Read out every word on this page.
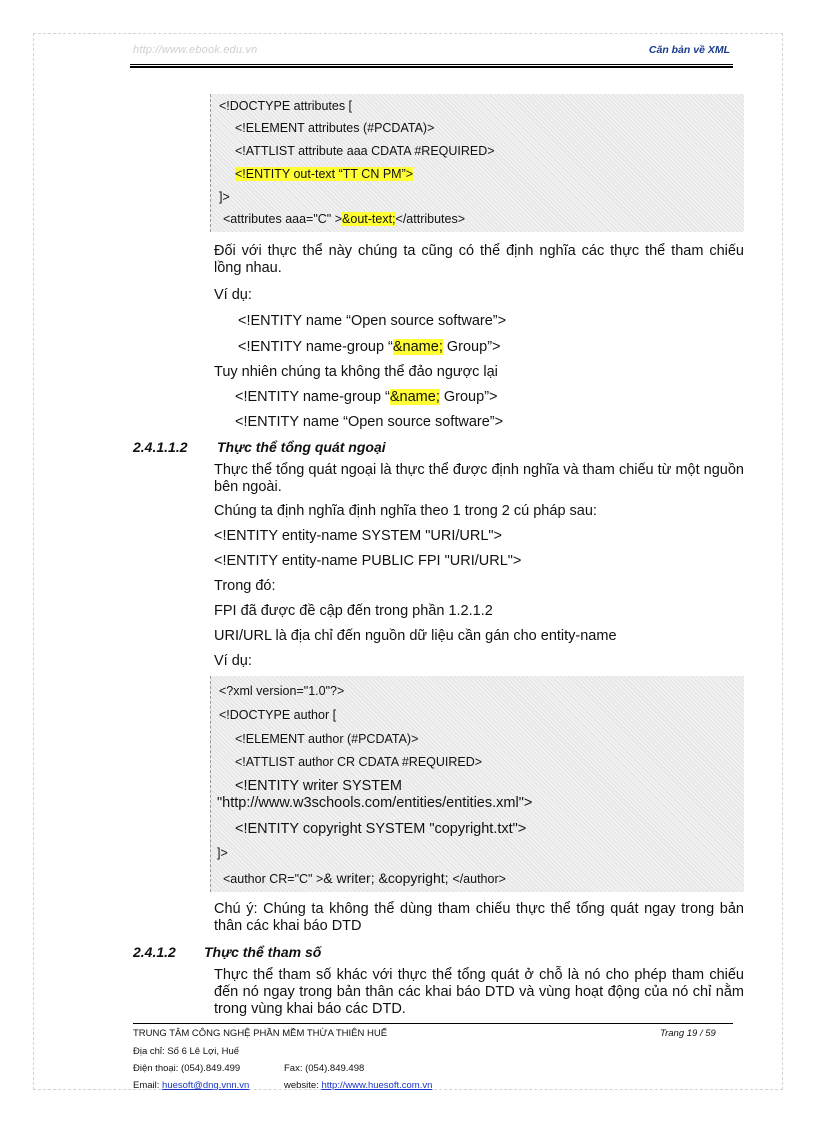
http://www.ebook.edu.vn	Căn bản về XML
<!DOCTYPE attributes [
<!ELEMENT attributes (#PCDATA)>
<!ATTLIST attribute aaa CDATA #REQUIRED>
<!ENTITY out-text “TT CN PM”>
]>
<attributes aaa="C" >&out-text;</attributes>
Đối với thực thể này chúng ta cũng có thể định nghĩa các thực thể tham chiếu lồng nhau.
Ví dụ:
<!ENTITY name “Open source software”>
<!ENTITY name-group “&name; Group”>
Tuy nhiên chúng ta không thể đảo ngược lại
<!ENTITY name-group “&name; Group”>
<!ENTITY name “Open source software”>
2.4.1.1.2 Thực thể tổng quát ngoại
Thực thể tổng quát ngoại là thực thể được định nghĩa và tham chiếu từ một nguồn bên ngoài.
Chúng ta định nghĩa định nghĩa theo 1 trong 2 cú pháp sau:
<!ENTITY entity-name SYSTEM "URI/URL">
<!ENTITY entity-name PUBLIC FPI "URI/URL">
Trong đó:
FPI đã được đề cập đến trong phần 1.2.1.2
URI/URL là địa chỉ đến nguồn dữ liệu cần gán cho entity-name
Ví dụ:
<?xml version="1.0"?>
<!DOCTYPE author [
<!ELEMENT author (#PCDATA)>
<!ATTLIST author CR CDATA #REQUIRED>
<!ENTITY writer SYSTEM
"http://www.w3schools.com/entities/entities.xml">
<!ENTITY copyright SYSTEM "copyright.txt">
]>
<author CR="C" >& writer; &copyright; </author>
Chú ý: Chúng ta không thể dùng tham chiếu thực thể tổng quát ngay trong bản thân các khai báo DTD
2.4.1.2 Thực thể tham số
Thực thể tham số khác với thực thể tổng quát ở chỗ là nó cho phép tham chiếu đến nó ngay trong bản thân các khai báo DTD và vùng hoạt động của nó chỉ nằm trong vùng khai báo các DTD.
TRUNG TÂM CÔNG NGHỆ PHẦN MỀM THỪA THIÊN HUẾ	Trang 19 / 59
Địa chỉ: Số 6 Lê Lợi, Huế
Điện thoại: (054).849.499	Fax: (054).849.498
Email: huesoft@dng.vnn.vn	website: http://www.huesoft.com.vn
